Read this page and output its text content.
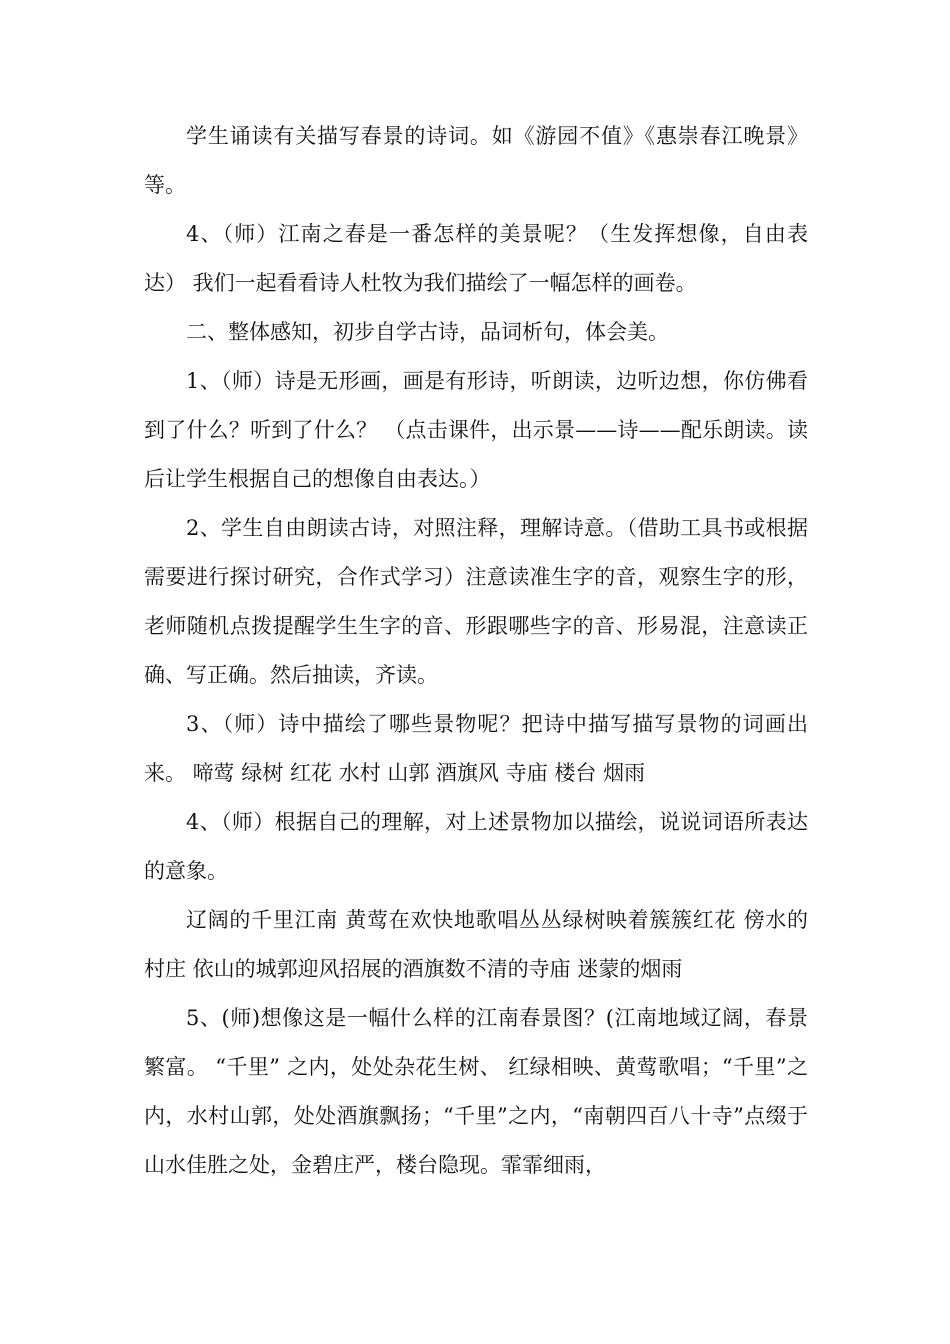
学生诵读有关描写春景的诗词。如《游园不值》《惠崇春江晚景》等。

4、（师）江南之春是一番怎样的美景呢？（生发挥想像，自由表达） 我们一起看看诗人杜牧为我们描绘了一幅怎样的画卷。

二、整体感知，初步自学古诗，品词析句，体会美。

1、（师）诗是无形画，画是有形诗，听朗读，边听边想，你仿佛看到了什么？听到了什么？ （点击课件，出示景——诗——配乐朗读。读后让学生根据自己的想像自由表达。）

2、学生自由朗读古诗，对照注释，理解诗意。（借助工具书或根据需要进行探讨研究，合作式学习）注意读准生字的音，观察生字的形，老师随机点拨提醒学生生字的音、形跟哪些字的音、形易混，注意读正确、写正确。然后抽读，齐读。

3、（师）诗中描绘了哪些景物呢？把诗中描写描写景物的词画出来。 啼莺 绿树 红花 水村 山郭 酒旗风 寺庙 楼台 烟雨

4、（师）根据自己的理解，对上述景物加以描绘，说说词语所表达的意象。

辽阔的千里江南 黄莺在欢快地歌唱丛丛绿树映着簇簇红花 傍水的村庄 依山的城郭迎风招展的酒旗数不清的寺庙 迷蒙的烟雨

5、(师)想像这是一幅什么样的江南春景图？(江南地域辽阔，春景繁富。 “千里” 之内，处处杂花生树、 红绿相映、黄莺歌唱；“千里”之内，水村山郭，处处酒旗飘扬；“千里”之内，“南朝四百八十寺”点缀于山水佳胜之处，金碧庄严，楼台隐现。霏霏细雨，
